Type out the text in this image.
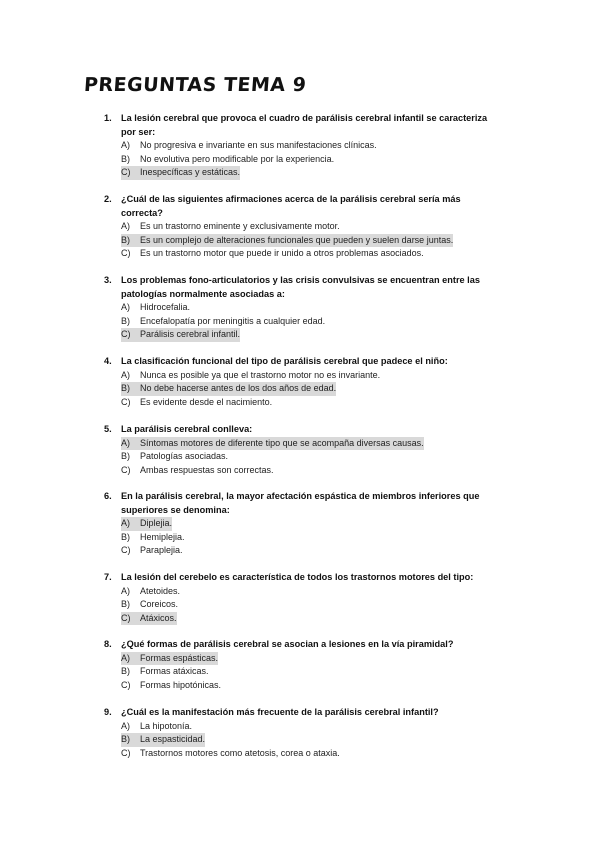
PREGUNTAS TEMA 9
1.	La lesión cerebral que provoca el cuadro de parálisis cerebral infantil se caracteriza por ser:
A)	No progresiva e invariante en sus manifestaciones clínicas.
B)	No evolutiva pero modificable por la experiencia.
C)	Inespecíficas y estáticas.
2.	¿Cuál de las siguientes afirmaciones acerca de la parálisis cerebral sería más correcta?
A)	Es un trastorno eminente y exclusivamente motor.
B)	Es un complejo de alteraciones funcionales que pueden y suelen darse juntas.
C)	Es un trastorno motor que puede ir unido a otros problemas asociados.
3.	Los problemas fono-articulatorios y las crisis convulsivas se encuentran entre las patologías normalmente asociadas a:
A)	Hidrocefalia.
B)	Encefalopatía por meningitis a cualquier edad.
C)	Parálisis cerebral infantil.
4.	La clasificación funcional del tipo de parálisis cerebral que padece el niño:
A)	Nunca es posible ya que el trastorno motor no es invariante.
B)	No debe hacerse antes de los dos años de edad.
C)	Es evidente desde el nacimiento.
5.	La parálisis cerebral conlleva:
A)	Síntomas motores de diferente tipo que se acompaña diversas causas.
B)	Patologías asociadas.
C)	Ambas respuestas son correctas.
6.	En la parálisis cerebral, la mayor afectación espástica de miembros inferiores que superiores se denomina:
A)	Diplejia.
B)	Hemiplejia.
C)	Paraplejia.
7.	La lesión del cerebelo es característica de todos los trastornos motores del tipo:
A)	Atetoides.
B)	Coreicos.
C)	Atáxicos.
8.	¿Qué formas de parálisis cerebral se asocian a lesiones en la vía piramidal?
A)	Formas espásticas.
B)	Formas atáxicas.
C)	Formas hipotónicas.
9.	¿Cuál es la manifestación más frecuente de la parálisis cerebral infantil?
A)	La hipotonía.
B)	La espasticidad.
C)	Trastornos motores como atetosis, corea o ataxia.
